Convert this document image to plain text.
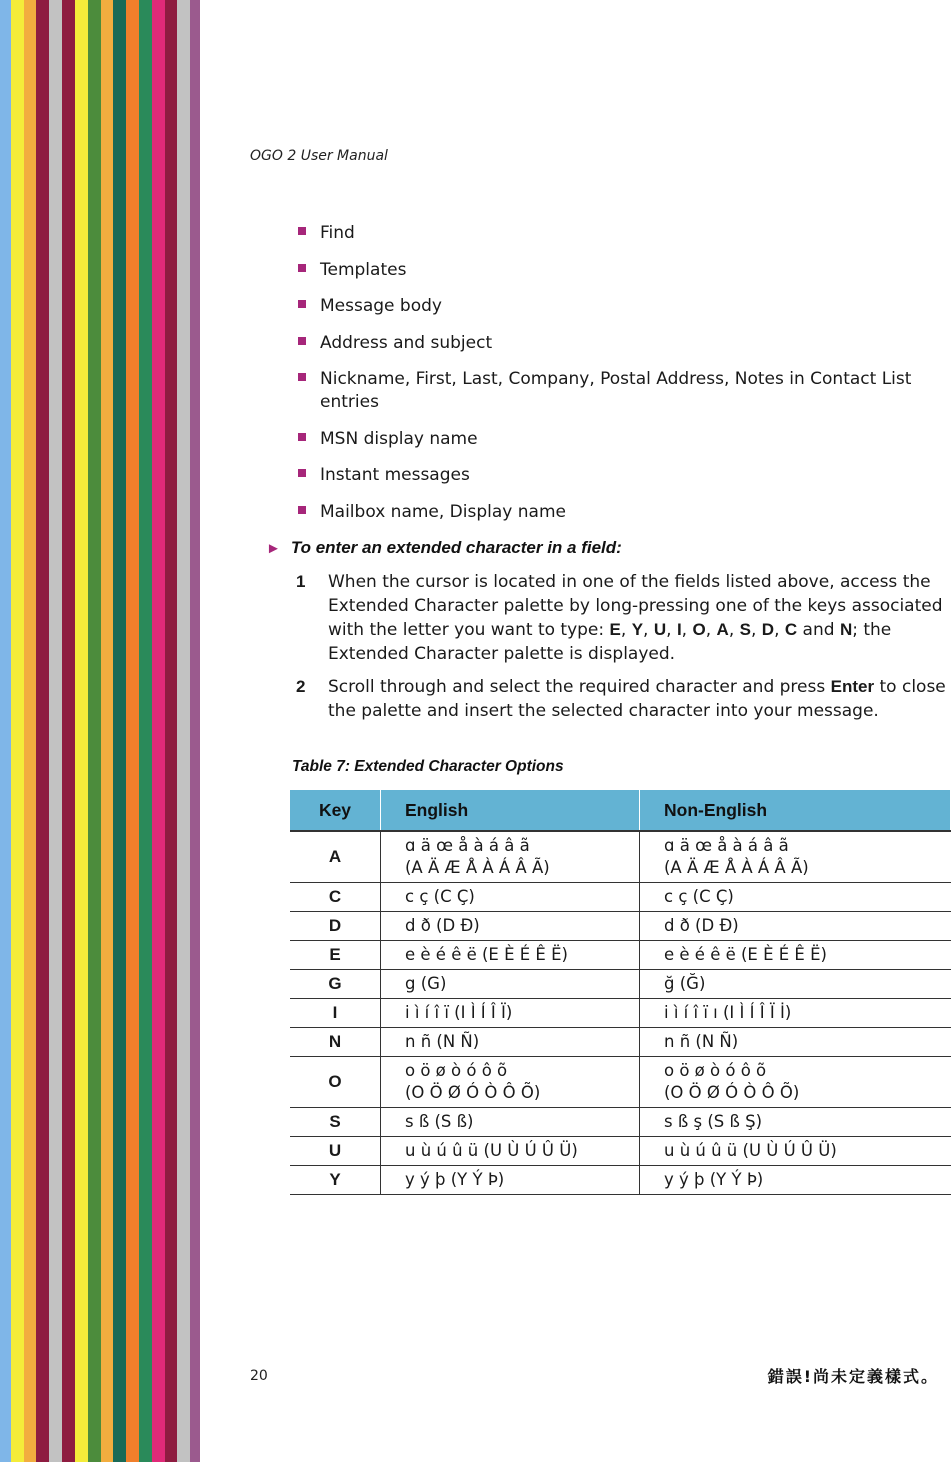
OGO 2 User Manual
Find
Templates
Message body
Address and subject
Nickname, First, Last, Company, Postal Address, Notes in Contact List entries
MSN display name
Instant messages
Mailbox name, Display name
► To enter an extended character in a field:
1 When the cursor is located in one of the fields listed above, access the Extended Character palette by long-pressing one of the keys associated with the letter you want to type: E, Y, U, I, O, A, S, D, C and N; the Extended Character palette is displayed.
2 Scroll through and select the required character and press Enter to close the palette and insert the selected character into your message.
Table 7: Extended Character Options
Key	English	Non-English
A	ɑ ä œ å à á â ã
(A Ä Æ Å À Á Â Ã)	ɑ ä œ å à á â ã
(A Ä Æ Å À Á Â Ã)
C	c ç (C Ç)	c ç (C Ç)
D	d ð (D Đ)	d ð (D Đ)
E	e è é ê ë (E È É Ê Ë)	e è é ê ë (E È É Ê Ë)
G	g (G)	ğ (Ğ)
I	i ì í î ï (I Ì Í Î Ï)	i ì í î ï ı (I Ì Í Î Ï İ)
N	n ñ (N Ñ)	n ñ (N Ñ)
O	o ö ø ò ó ô õ
(O Ö Ø Ó Ò Ô Õ)	o ö ø ò ó ô õ
(O Ö Ø Ó Ò Ô Õ)
S	s ß (S ß)	s ß ş (S ß Ş)
U	u ù ú û ü (U Ù Ú Û Ü)	u ù ú û ü (U Ù Ú Û Ü)
Y	y ý þ (Y Ý Þ)	y ý þ (Y Ý Þ)
20	錯誤!尚未定義樣式。
